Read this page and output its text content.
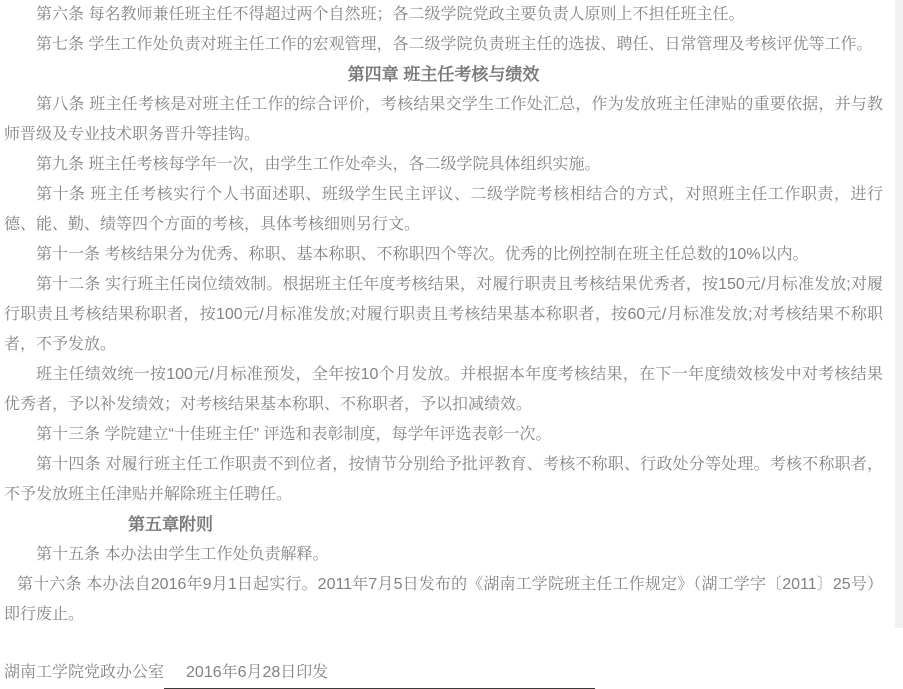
第六条 每名教师兼任班主任不得超过两个自然班；各二级学院党政主要负责人原则上不担任班主任。

第七条 学生工作处负责对班主任工作的宏观管理，各二级学院负责班主任的选拔、聘任、日常管理及考核评优等工作。

第四章 班主任考核与绩效

第八条 班主任考核是对班主任工作的综合评价，考核结果交学生工作处汇总，作为发放班主任津贴的重要依据，并与教师晋级及专业技术职务晋升等挂钩。

第九条 班主任考核每学年一次，由学生工作处牵头，各二级学院具体组织实施。

第十条 班主任考核实行个人书面述职、班级学生民主评议、二级学院考核相结合的方式，对照班主任工作职责，进行德、能、勤、绩等四个方面的考核，具体考核细则另行文。

第十一条 考核结果分为优秀、称职、基本称职、不称职四个等次。优秀的比例控制在班主任总数的10%以内。

第十二条 实行班主任岗位绩效制。根据班主任年度考核结果，对履行职责且考核结果优秀者，按150元/月标准发放;对履行职责且考核结果称职者，按100元/月标准发放;对履行职责且考核结果基本称职者，按60元/月标准发放;对考核结果不称职者，不予发放。

班主任绩效统一按100元/月标准预发，全年按10个月发放。并根据本年度考核结果，在下一年度绩效核发中对考核结果优秀者，予以补发绩效；对考核结果基本称职、不称职者，予以扣减绩效。

第十三条 学院建立“十佳班主任” 评选和表彰制度，每学年评选表彰一次。

第十四条 对履行班主任工作职责不到位者，按情节分别给予批评教育、考核不称职、行政处分等处理。考核不称职者，不予发放班主任津贴并解除班主任聘任。

第五章附则

第十五条 本办法由学生工作处负责解释。

第十六条 本办法自2016年9月1日起实行。2011年7月5日发布的《湖南工学院班主任工作规定》（湖工学字〔2011〕25号）即行废止。

湖南工学院党政办公室 2016年6月28日印发
